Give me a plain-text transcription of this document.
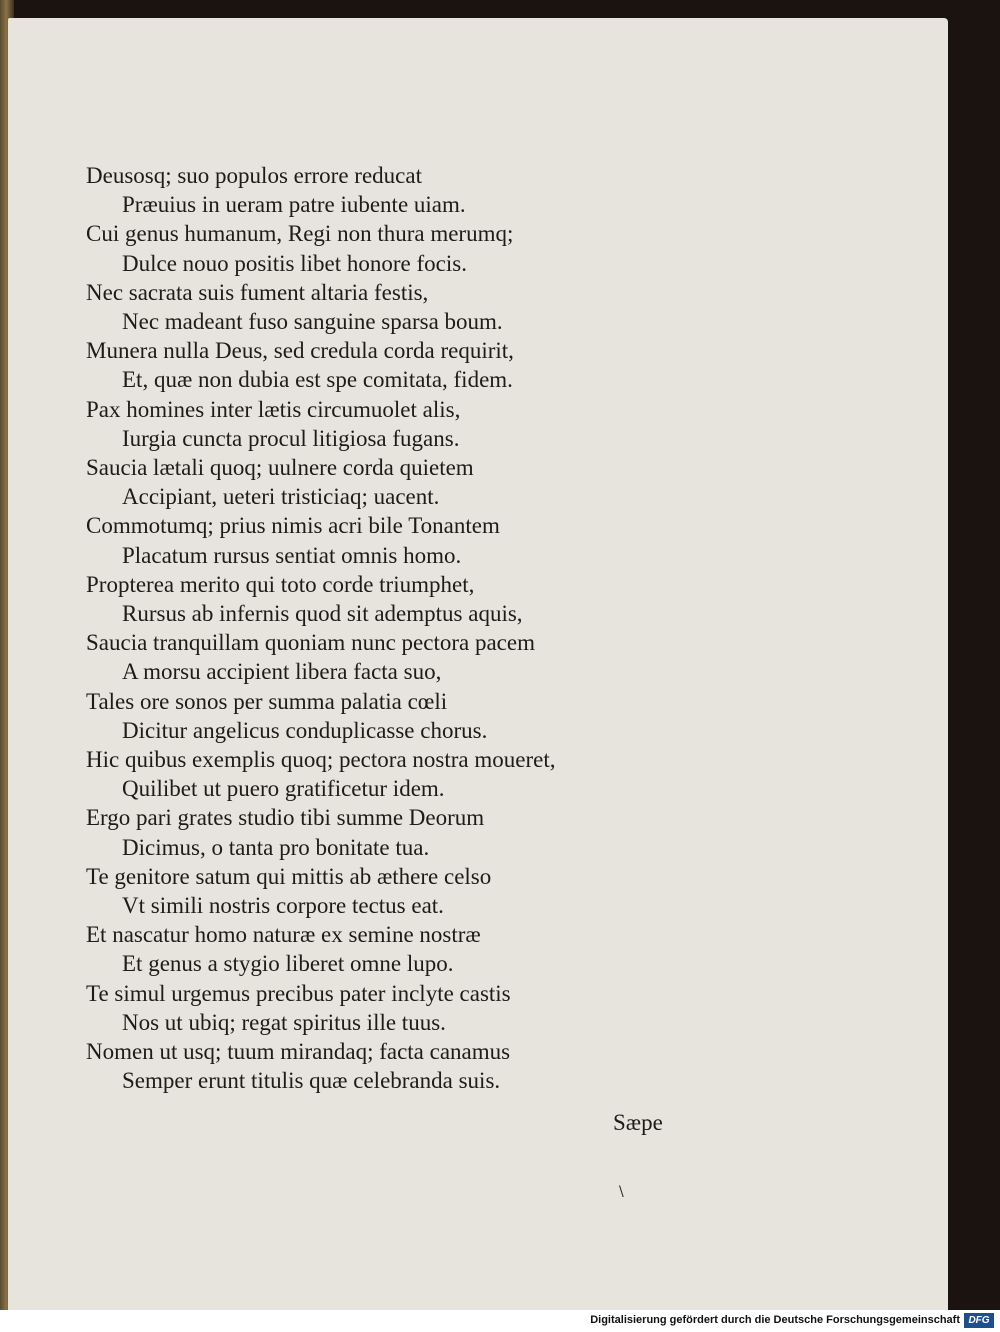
Deusosq; suo populos errore reducat
Præuius in ueram patre iubente uiam.
Cui genus humanum, Regi non thura merumq;
Dulce nouo positis libet honore focis.
Nec sacrata suis fument altaria festis,
Nec madeant fuso sanguine sparsa boum.
Munera nulla Deus, sed credula corda requirit,
Et, quæ non dubia est spe comitata, fidem.
Pax homines inter lætis circumuolet alis,
Iurgia cuncta procul litigiosa fugans.
Saucia lætali quoq; uulnere corda quietem
Accipiant, ueteri tristiciaq; uacent.
Commotumq; prius nimis acri bile Tonantem
Placatum rursus sentiat omnis homo.
Propterea merito qui toto corde triumphet,
Rursus ab infernis quod sit ademptus aquis,
Saucia tranquillam quoniam nunc pectora pacem
A morsu accipient libera facta suo,
Tales ore sonos per summa palatia cœli
Dicitur angelicus conduplicasse chorus.
Hic quibus exemplis quoq; pectora nostra moueret,
Quilibet ut puero gratificetur idem.
Ergo pari grates studio tibi summe Deorum
Dicimus, o tanta pro bonitate tua.
Te genitore satum qui mittis ab æthere celso
Vt simili nostris corpore tectus eat.
Et nascatur homo naturæ ex semine nostræ
Et genus a stygio liberet omne lupo.
Te simul urgemus precibus pater inclyte castis
Nos ut ubiq; regat spiritus ille tuus.
Nomen ut usq; tuum mirandaq; facta canamus
Semper erunt titulis quæ celebranda suis.
Sæpe
\
Digitalisierung gefördert durch die Deutsche Forschungsgemeinschaft DFG
